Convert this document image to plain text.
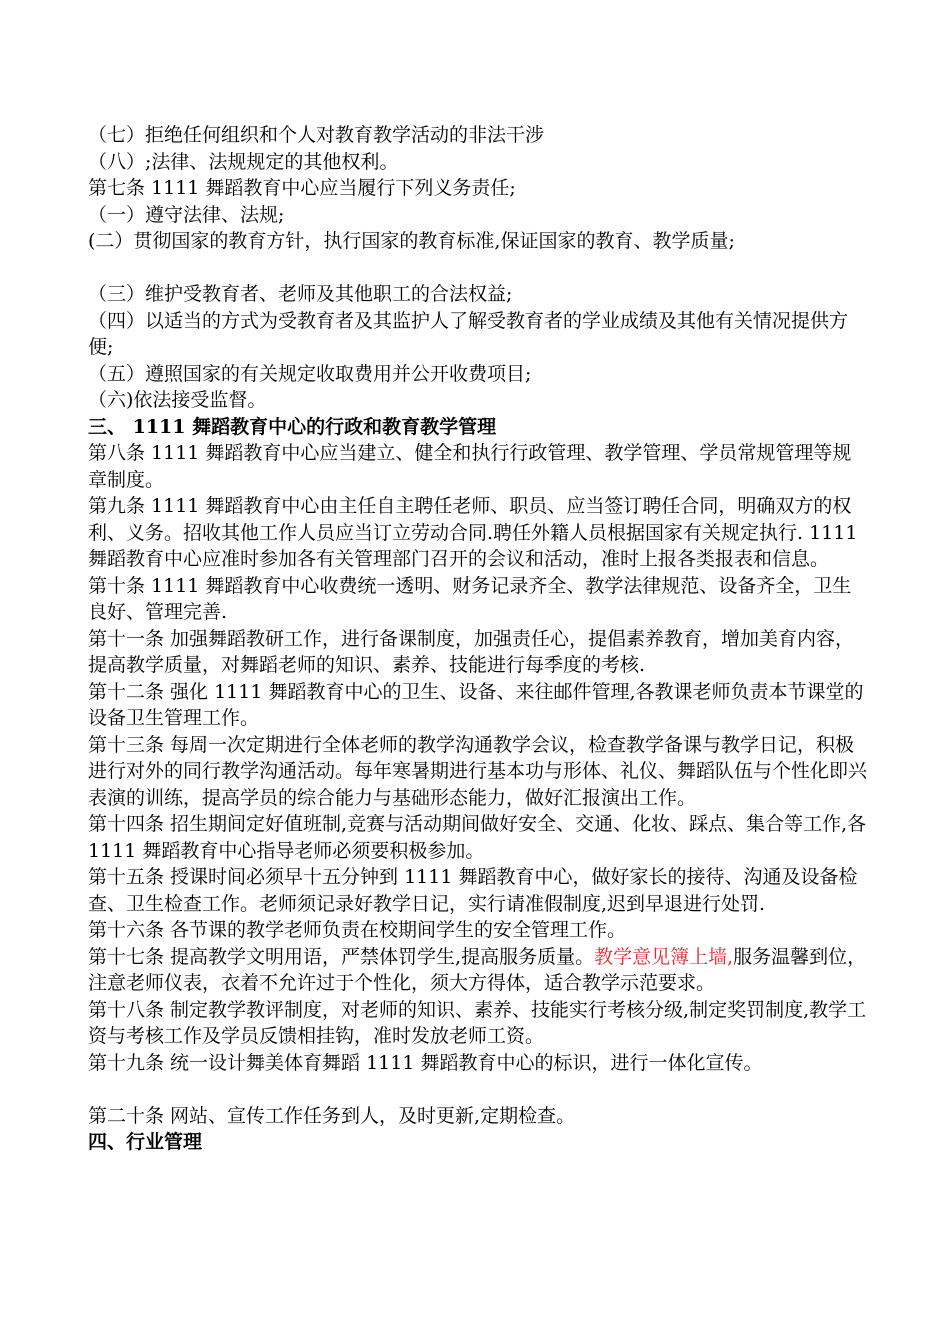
（七）拒绝任何组织和个人对教育教学活动的非法干涉

（八）;法律、法规规定的其他权利。

第七条 1111 舞蹈教育中心应当履行下列义务责任;

（一）遵守法律、法规;

(二）贯彻国家的教育方针，执行国家的教育标准,保证国家的教育、教学质量;

（三）维护受教育者、老师及其他职工的合法权益;

（四）以适当的方式为受教育者及其监护人了解受教育者的学业成绩及其他有关情况提供方便;

（五）遵照国家的有关规定收取费用并公开收费项目;

（六)依法接受监督。

三、 1111 舞蹈教育中心的行政和教育教学管理

第八条 1111 舞蹈教育中心应当建立、健全和执行行政管理、教学管理、学员常规管理等规章制度。

第九条 1111 舞蹈教育中心由主任自主聘任老师、职员、应当签订聘任合同，明确双方的权利、义务。招收其他工作人员应当订立劳动合同.聘任外籍人员根据国家有关规定执行. 1111 舞蹈教育中心应准时参加各有关管理部门召开的会议和活动，准时上报各类报表和信息。

第十条 1111 舞蹈教育中心收费统一透明、财务记录齐全、教学法律规范、设备齐全，卫生良好、管理完善.

第十一条 加强舞蹈教研工作，进行备课制度，加强责任心，提倡素养教育，增加美育内容，提高教学质量，对舞蹈老师的知识、素养、技能进行每季度的考核.

第十二条 强化 1111 舞蹈教育中心的卫生、设备、来往邮件管理,各教课老师负责本节课堂的设备卫生管理工作。

第十三条 每周一次定期进行全体老师的教学沟通教学会议，检查教学备课与教学日记，积极进行对外的同行教学沟通活动。每年寒暑期进行基本功与形体、礼仪、舞蹈队伍与个性化即兴表演的训练，提高学员的综合能力与基础形态能力，做好汇报演出工作。

第十四条 招生期间定好值班制,竞赛与活动期间做好安全、交通、化妆、踩点、集合等工作,各 1111 舞蹈教育中心指导老师必须要积极参加。

第十五条 授课时间必须早十五分钟到 1111 舞蹈教育中心，做好家长的接待、沟通及设备检查、卫生检查工作。老师须记录好教学日记，实行请准假制度,迟到早退进行处罚.

第十六条 各节课的教学老师负责在校期间学生的安全管理工作。

第十七条 提高教学文明用语，严禁体罚学生,提高服务质量。教学意见簿上墙,服务温馨到位，注意老师仪表，衣着不允许过于个性化，须大方得体，适合教学示范要求。

第十八条 制定教学教评制度，对老师的知识、素养、技能实行考核分级,制定奖罚制度,教学工资与考核工作及学员反馈相挂钩，准时发放老师工资。

第十九条 统一设计舞美体育舞蹈 1111 舞蹈教育中心的标识，进行一体化宣传。

第二十条 网站、宣传工作任务到人，及时更新,定期检查。

四、行业管理
